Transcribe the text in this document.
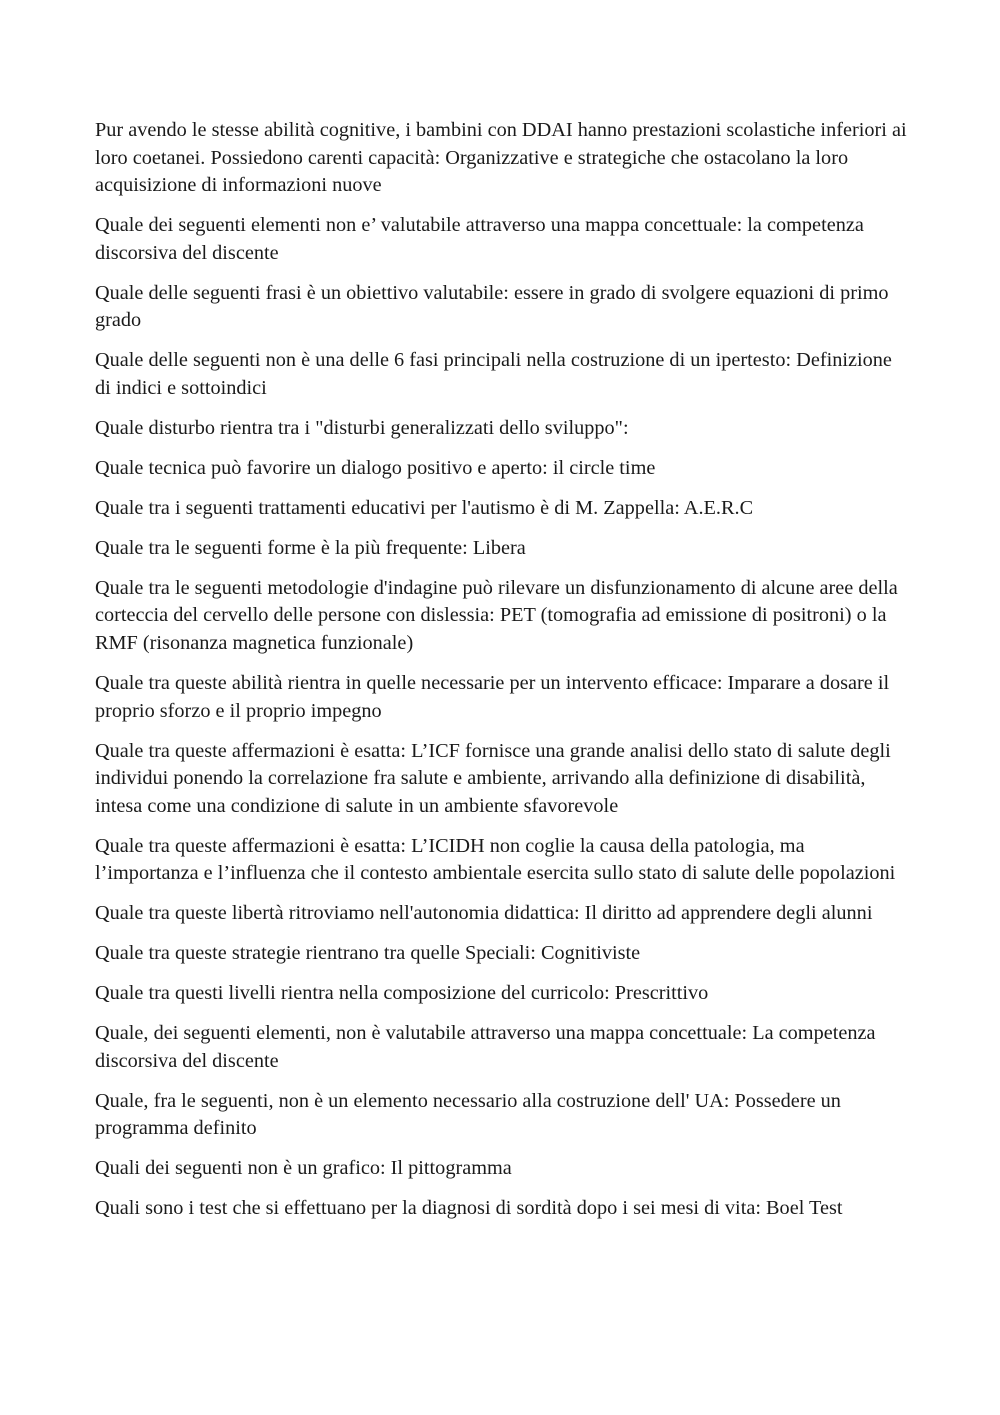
Pur avendo le stesse abilità cognitive, i bambini con DDAI hanno prestazioni scolastiche inferiori ai loro coetanei. Possiedono carenti capacità: Organizzative e strategiche che ostacolano la loro acquisizione di informazioni nuove

Quale dei seguenti elementi non e’ valutabile attraverso una mappa concettuale: la competenza discorsiva del discente

Quale delle seguenti frasi è un obiettivo valutabile: essere in grado di svolgere equazioni di primo grado

Quale delle seguenti non è una delle 6 fasi principali nella costruzione di un ipertesto: Definizione di indici e sottoindici

Quale disturbo rientra tra i "disturbi generalizzati dello sviluppo":

Quale tecnica può favorire un dialogo positivo e aperto: il circle time

Quale tra i seguenti trattamenti educativi per l'autismo è di M. Zappella: A.E.R.C

Quale tra le seguenti forme è la più frequente: Libera

Quale tra le seguenti metodologie d'indagine può rilevare un disfunzionamento di alcune aree della corteccia del cervello delle persone con dislessia: PET (tomografia ad emissione di positroni) o la RMF (risonanza magnetica funzionale)

Quale tra queste abilità rientra in quelle necessarie per un intervento efficace: Imparare a dosare il proprio sforzo e il proprio impegno

Quale tra queste affermazioni è esatta: L’ICF fornisce una grande analisi dello stato di salute degli individui ponendo la correlazione fra salute e ambiente, arrivando alla definizione di disabilità, intesa come una condizione di salute in un ambiente sfavorevole

Quale tra queste affermazioni è esatta: L’ICIDH non coglie la causa della patologia, ma l’importanza e l’influenza che il contesto ambientale esercita sullo stato di salute delle popolazioni

Quale tra queste libertà ritroviamo nell'autonomia didattica: Il diritto ad apprendere degli alunni

Quale tra queste strategie rientrano tra quelle Speciali: Cognitiviste

Quale tra questi livelli rientra nella composizione del curricolo: Prescrittivo

Quale, dei seguenti elementi, non è valutabile attraverso una mappa concettuale: La competenza discorsiva del discente

Quale, fra le seguenti, non è un elemento necessario alla costruzione dell' UA: Possedere un programma definito

Quali dei seguenti non è un grafico: Il pittogramma

Quali sono i test che si effettuano per la diagnosi di sordità dopo i sei mesi di vita: Boel Test
